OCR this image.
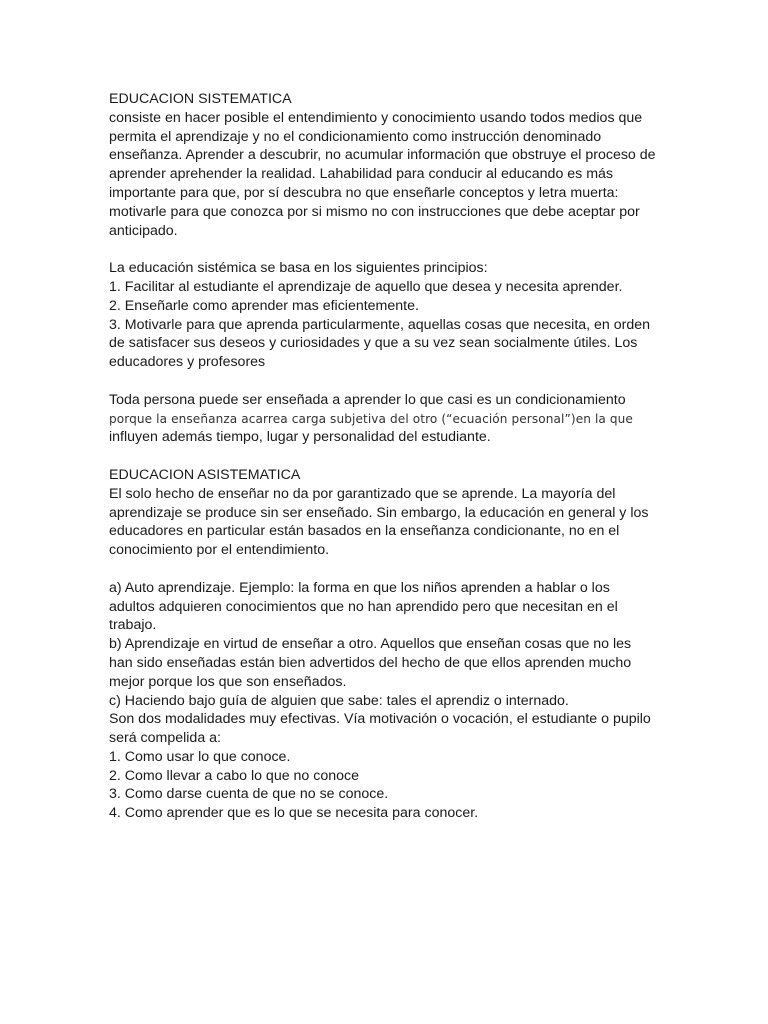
EDUCACION SISTEMATICA
consiste en hacer posible el entendimiento y conocimiento usando todos medios que
permita el aprendizaje y no el condicionamiento como instrucción denominado
enseñanza. Aprender a descubrir, no acumular información que obstruye el proceso de
aprender aprehender la realidad. Lahabilidad para conducir al educando es más
importante para que, por sí descubra no que enseñarle conceptos y letra muerta:
motivarle para que conozca por si mismo no con instrucciones que debe aceptar por
anticipado.
La educación sistémica se basa en los siguientes principios:
1. Facilitar al estudiante el aprendizaje de aquello que desea y necesita aprender.
2. Enseñarle como aprender mas eficientemente.
3. Motivarle para que aprenda particularmente, aquellas cosas que necesita, en orden
de satisfacer sus deseos y curiosidades y que a su vez sean socialmente útiles. Los
educadores y profesores
Toda persona puede ser enseñada a aprender lo que casi es un condicionamiento
porque la enseñanza acarrea carga subjetiva del otro (“ecuación personal”)en la que
influyen además tiempo, lugar y personalidad del estudiante.
EDUCACION ASISTEMATICA
El solo hecho de enseñar no da por garantizado que se aprende. La mayoría del
aprendizaje se produce sin ser enseñado. Sin embargo, la educación en general y los
educadores en particular están basados en la enseñanza condicionante, no en el
conocimiento por el entendimiento.
a) Auto aprendizaje. Ejemplo: la forma en que los niños aprenden a hablar o los
adultos adquieren conocimientos que no han aprendido pero que necesitan en el
trabajo.
b) Aprendizaje en virtud de enseñar a otro. Aquellos que enseñan cosas que no les
han sido enseñadas están bien advertidos del hecho de que ellos aprenden mucho
mejor porque los que son enseñados.
c) Haciendo bajo guía de alguien que sabe: tales el aprendiz o internado.
Son dos modalidades muy efectivas. Vía motivación o vocación, el estudiante o pupilo
será compelida a:
1. Como usar lo que conoce.
2. Como llevar a cabo lo que no conoce
3. Como darse cuenta de que no se conoce.
4. Como aprender que es lo que se necesita para conocer.
